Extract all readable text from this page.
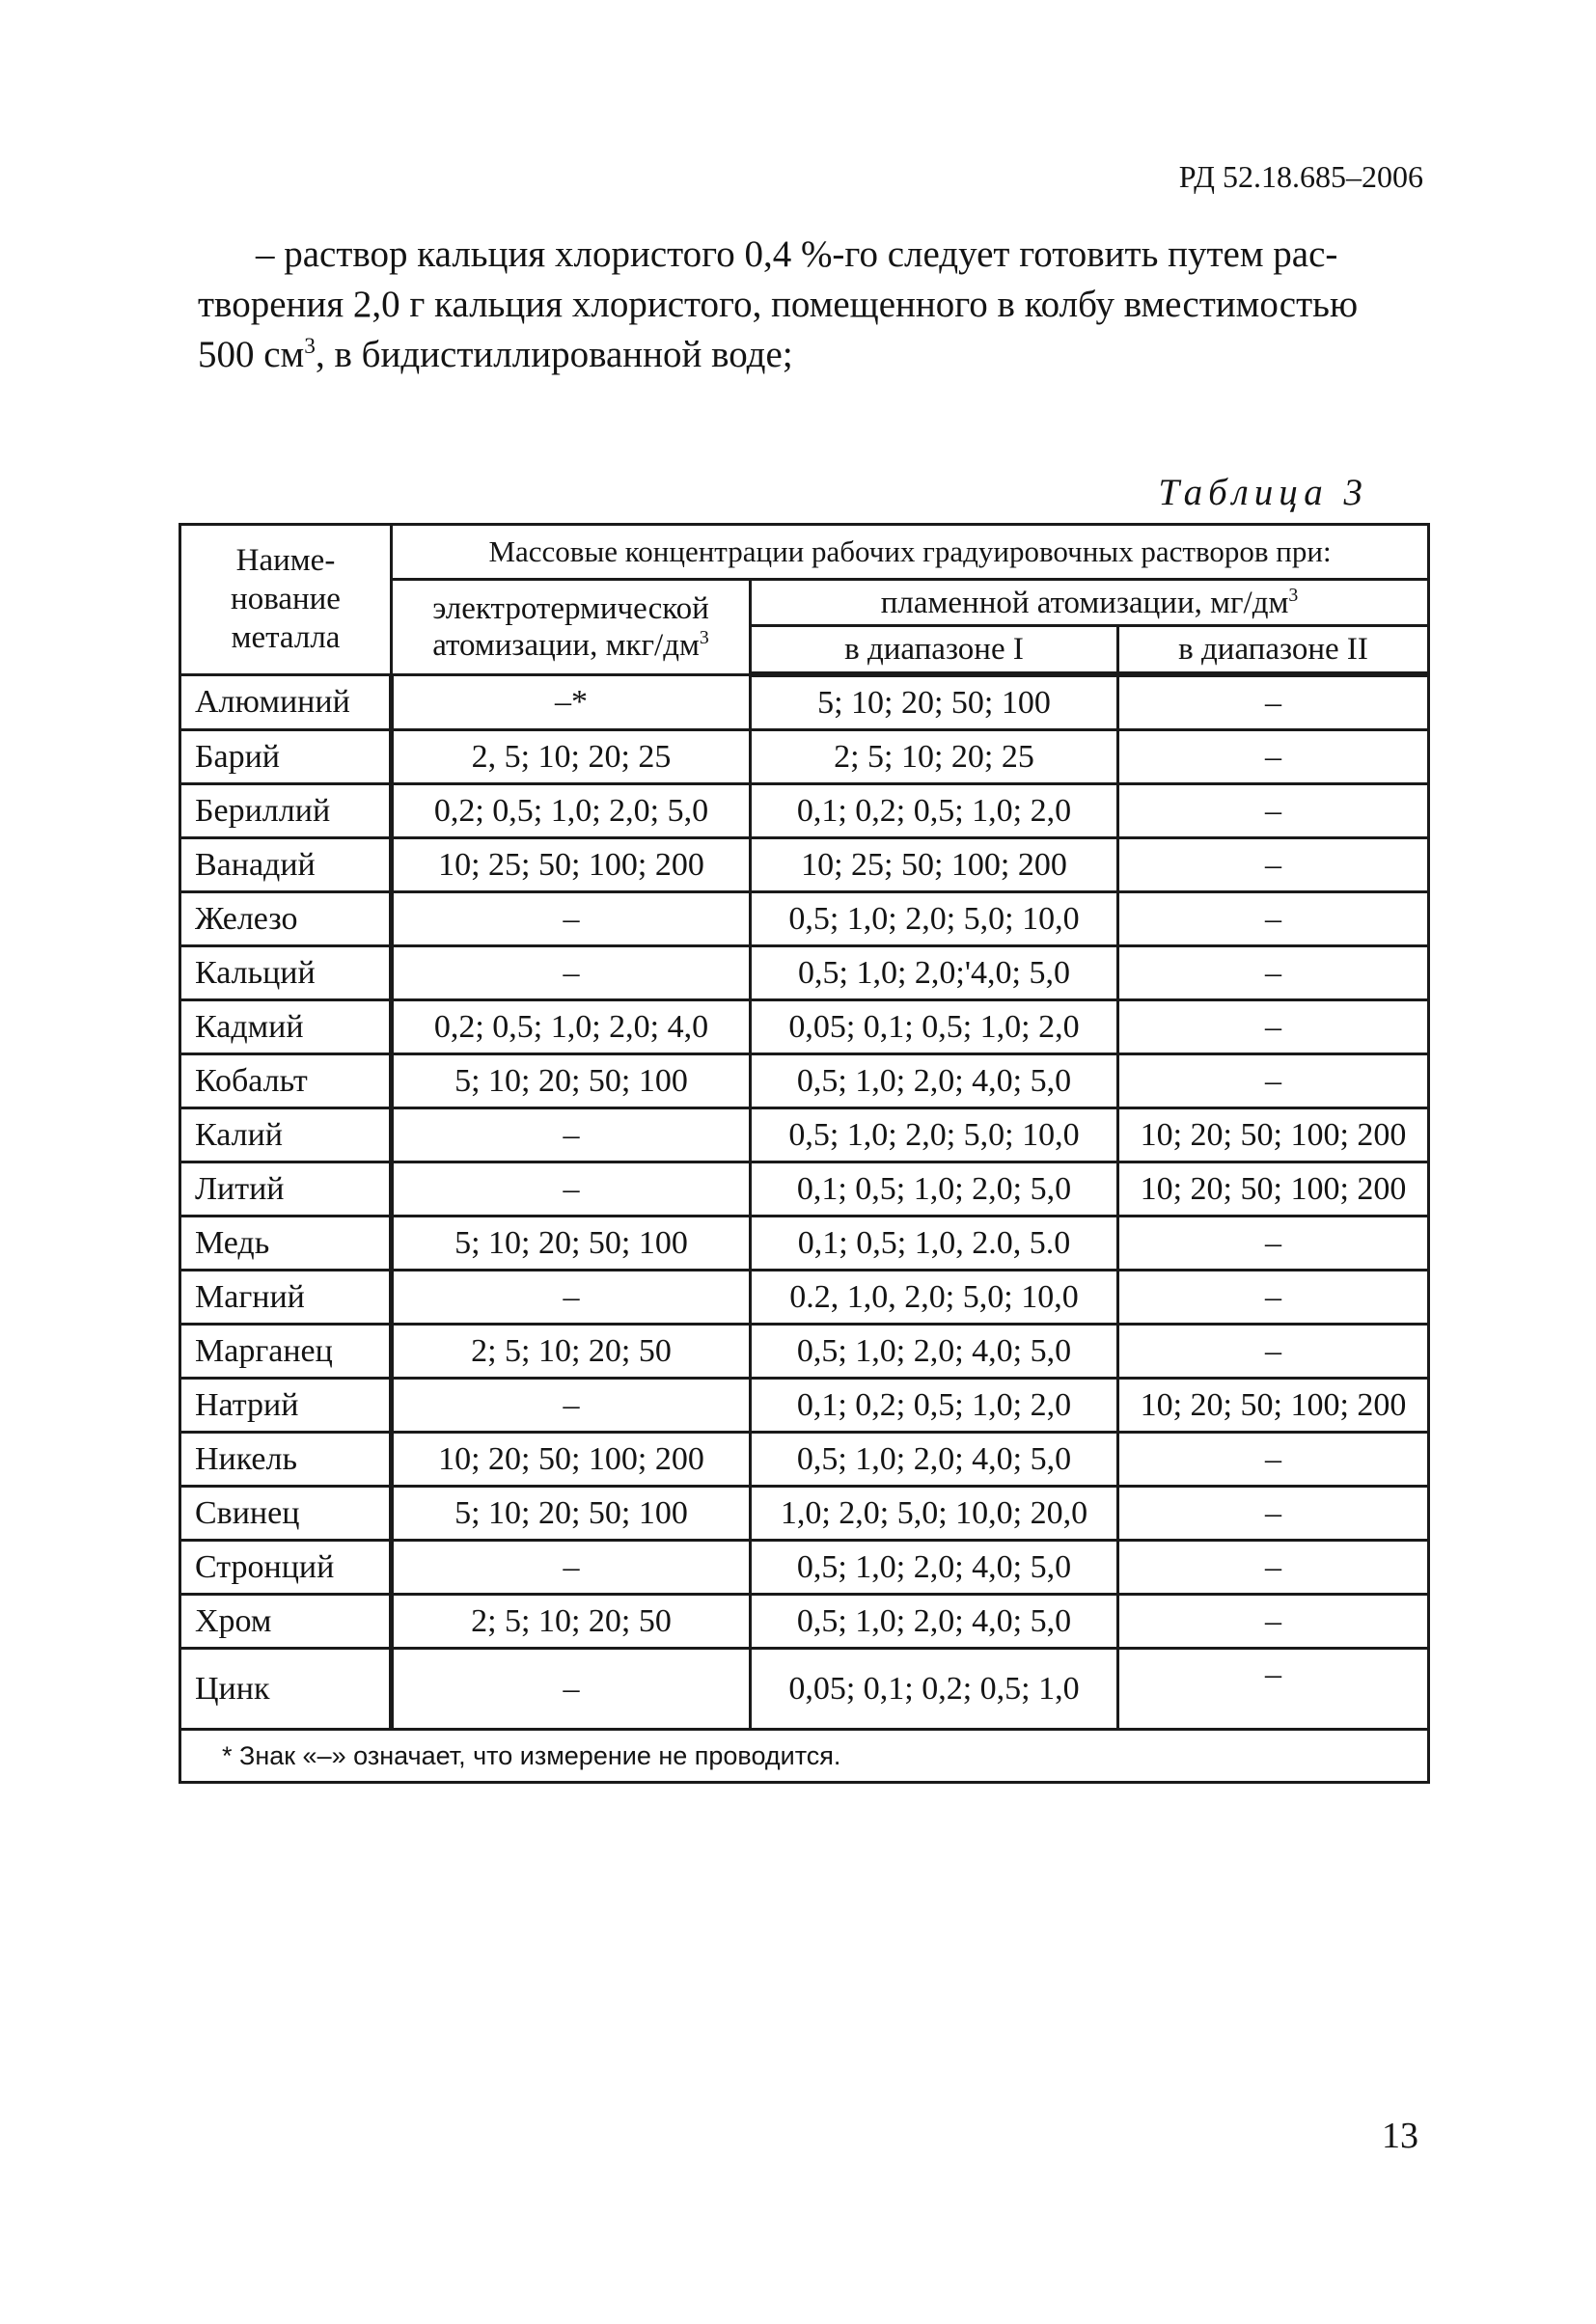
РД 52.18.685–2006
– раствор кальция хлористого 0,4 %-го следует готовить путем рас-
творения 2,0 г кальция хлористого, помещенного в колбу вместимостью
500 $см^3$, в бидистиллированной воде;
Таблица 3
Наиме-
нование
металла	Массовые концентрации рабочих градуировочных растворов при:		
	электротермической атомизации, мкг/$дм^3$	пламенной атомизации, $мг/дм^3$
		в диапазоне I	в диапазоне II
Алюминий	–*	5; 10; 20; 50; 100	–
Барий	2, 5; 10; 20; 25	2; 5; 10; 20; 25	–
Бериллий	0,2; 0,5; 1,0; 2,0; 5,0	0,1; 0,2; 0,5; 1,0; 2,0	–
Ванадий	10; 25; 50; 100; 200	10; 25; 50; 100; 200	–
Железо	–	0,5; 1,0; 2,0; 5,0; 10,0	–
Кальций	–	0,5; 1,0; 2,0;'4,0; 5,0	–
Кадмий	0,2; 0,5; 1,0; 2,0; 4,0	0,05; 0,1; 0,5; 1,0; 2,0	–
Кобальт	5; 10; 20; 50; 100	0,5; 1,0; 2,0; 4,0; 5,0	–
Калий	–	0,5; 1,0; 2,0; 5,0; 10,0	10; 20; 50; 100; 200
Литий	–	0,1; 0,5; 1,0; 2,0; 5,0	10; 20; 50; 100; 200
Медь	5; 10; 20; 50; 100	0,1; 0,5; 1,0, 2.0, 5.0	–
Магний	–	0.2, 1,0, 2,0; 5,0; 10,0	–
Марганец	2; 5; 10; 20; 50	0,5; 1,0; 2,0; 4,0; 5,0	–
Натрий	–	0,1; 0,2; 0,5; 1,0; 2,0	10; 20; 50; 100; 200
Никель	10; 20; 50; 100; 200	0,5; 1,0; 2,0; 4,0; 5,0	–
Свинец	5; 10; 20; 50; 100	1,0; 2,0; 5,0; 10,0; 20,0	–
Стронций	–	0,5; 1,0; 2,0; 4,0; 5,0	–
Хром	2; 5; 10; 20; 50	0,5; 1,0; 2,0; 4,0; 5,0	–
Цинк	–	0,05; 0,1; 0,2; 0,5; 1,0	–
* Знак «–» означает, что измерение не проводится.			
13
